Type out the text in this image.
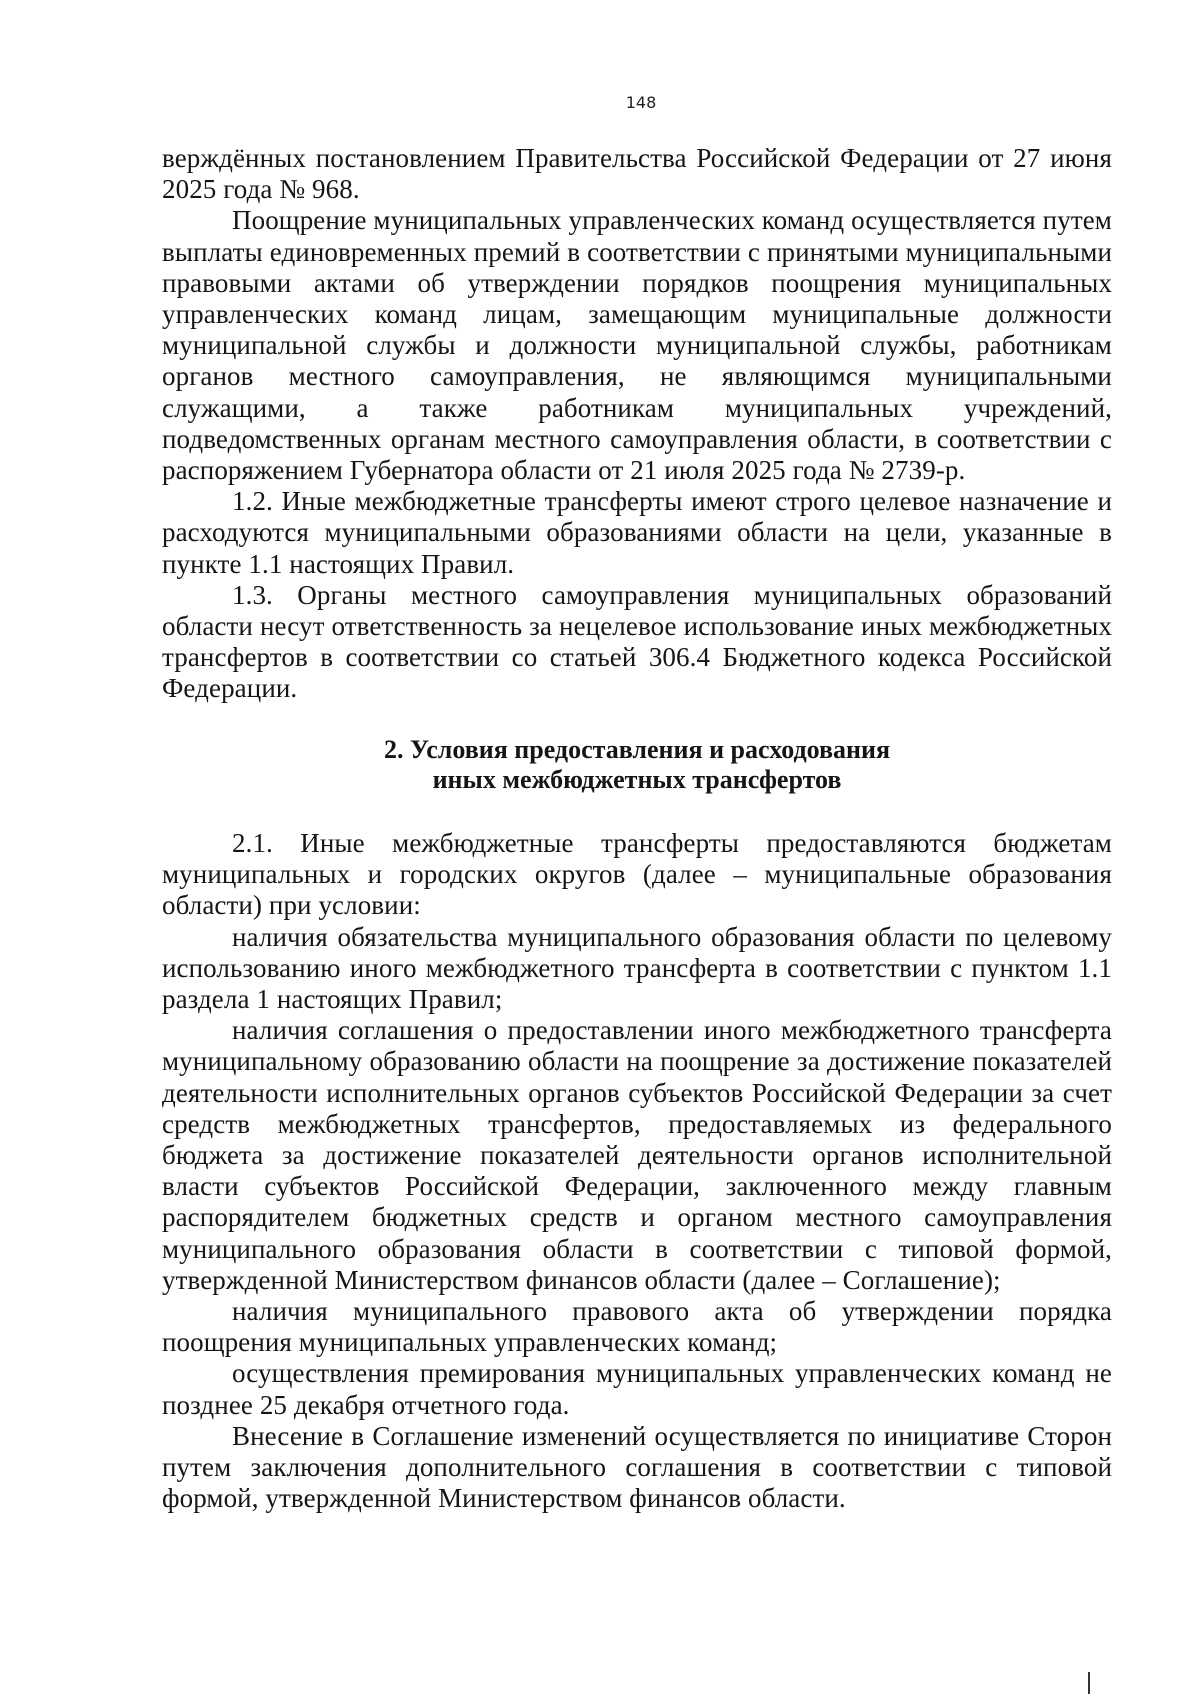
148

верждённых постановлением Правительства Российской Федерации от 27 июня 2025 года № 968.

Поощрение муниципальных управленческих команд осуществляется путем выплаты единовременных премий в соответствии с принятыми муниципальными правовыми актами об утверждении порядков поощрения муниципальных управленческих команд лицам, замещающим муниципальные должности муниципальной службы и должности муниципальной службы, работникам органов местного самоуправления, не являющимся муниципальными служащими, а также работникам муниципальных учреждений, подведомственных органам местного самоуправления области, в соответствии с распоряжением Губернатора области от 21 июля 2025 года № 2739-р.

1.2. Иные межбюджетные трансферты имеют строго целевое назначение и расходуются муниципальными образованиями области на цели, указанные в пункте 1.1 настоящих Правил.

1.3. Органы местного самоуправления муниципальных образований области несут ответственность за нецелевое использование иных межбюджетных трансфертов в соответствии со статьей 306.4 Бюджетного кодекса Российской Федерации.

2. Условия предоставления и расходования
иных межбюджетных трансфертов

2.1. Иные межбюджетные трансферты предоставляются бюджетам муниципальных и городских округов (далее – муниципальные образования области) при условии:

наличия обязательства муниципального образования области по целевому использованию иного межбюджетного трансферта в соответствии с пунктом 1.1 раздела 1 настоящих Правил;

наличия соглашения о предоставлении иного межбюджетного трансферта муниципальному образованию области на поощрение за достижение показателей деятельности исполнительных органов субъектов Российской Федерации за счет средств межбюджетных трансфертов, предоставляемых из федерального бюджета за достижение показателей деятельности органов исполнительной власти субъектов Российской Федерации, заключенного между главным распорядителем бюджетных средств и органом местного самоуправления муниципального образования области в соответствии с типовой формой, утвержденной Министерством финансов области (далее – Соглашение);

наличия муниципального правового акта об утверждении порядка поощрения муниципальных управленческих команд;

осуществления премирования муниципальных управленческих команд не позднее 25 декабря отчетного года.

Внесение в Соглашение изменений осуществляется по инициативе Сторон путем заключения дополнительного соглашения в соответствии с типовой формой, утвержденной Министерством финансов области.
